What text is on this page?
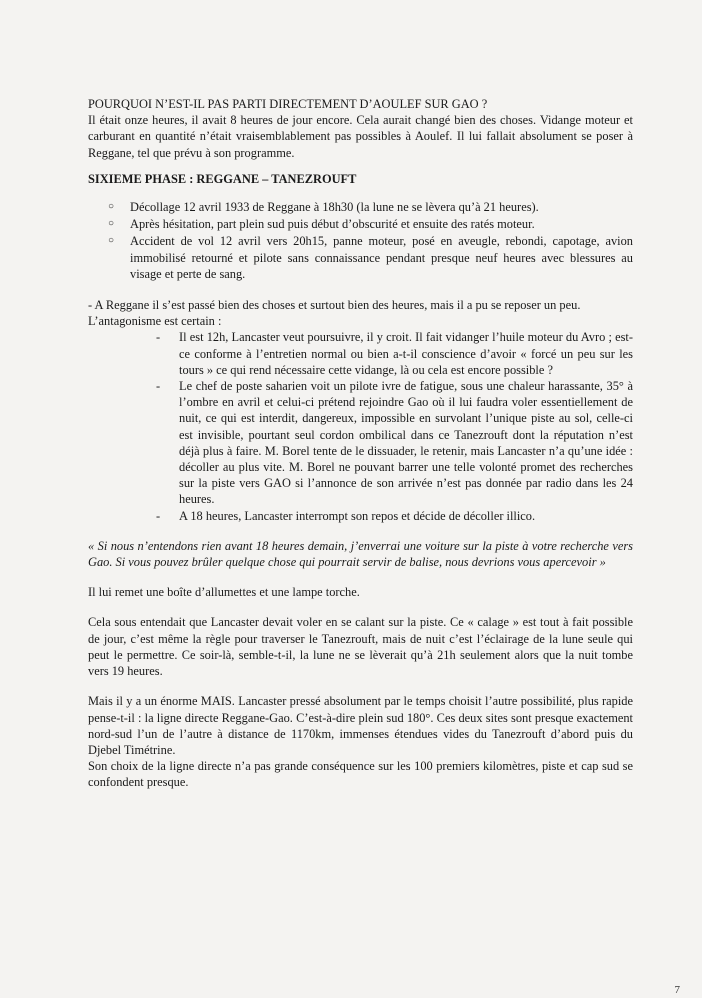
POURQUOI N’EST-IL PAS PARTI DIRECTEMENT D’AOULEF SUR GAO ?

Il était onze heures, il avait 8 heures de jour encore. Cela aurait changé bien des choses. Vidange moteur et carburant en quantité n’était vraisemblablement pas possibles à Aoulef. Il lui fallait absolument se poser à Reggane, tel que prévu à son programme.

SIXIEME PHASE : REGGANE – TANEZROUFT

○ Décollage 12 avril 1933 de Reggane à 18h30 (la lune ne se lèvera qu’à 21 heures).
○ Après hésitation, part plein sud puis début d’obscurité et ensuite des ratés moteur.
○ Accident de vol 12 avril vers 20h15, panne moteur, posé en aveugle, rebondi, capotage, avion immobilisé retourné et pilote sans connaissance pendant presque neuf heures avec blessures au visage et perte de sang.

- A Reggane il s’est passé bien des choses et surtout bien des heures, mais il a pu se reposer un peu.

L’antagonisme est certain :

- Il est 12h, Lancaster veut poursuivre, il y croit. Il fait vidanger l’huile moteur du Avro ; est-ce conforme à l’entretien normal ou bien a-t-il conscience d’avoir « forcé un peu sur les tours » ce qui rend nécessaire cette vidange, là ou cela est encore possible ?
- Le chef de poste saharien voit un pilote ivre de fatigue, sous une chaleur harassante, 35° à l’ombre en avril et celui-ci prétend rejoindre Gao où il lui faudra voler essentiellement de nuit, ce qui est interdit, dangereux, impossible en survolant l’unique piste au sol, celle-ci est invisible, pourtant seul cordon ombilical dans ce Tanezrouft dont la réputation n’est déjà plus à faire. M. Borel tente de le dissuader, le retenir, mais Lancaster n’a qu’une idée : décoller au plus vite. M. Borel ne pouvant barrer une telle volonté promet des recherches sur la piste vers GAO si l’annonce de son arrivée n’est pas donnée par radio dans les 24 heures.
- A 18 heures, Lancaster interrompt son repos et décide de décoller illico.

« Si nous n’entendons rien avant 18 heures demain, j’enverrai une voiture sur la piste à votre recherche vers Gao. Si vous pouvez brûler quelque chose qui pourrait servir de balise, nous devrions vous apercevoir »

Il lui remet une boîte d’allumettes et une lampe torche.

Cela sous entendait que Lancaster devait voler en se calant sur la piste. Ce « calage » est tout à fait possible de jour, c’est même la règle pour traverser le Tanezrouft, mais de nuit c’est l’éclairage de la lune seule qui peut le permettre. Ce soir-là, semble-t-il, la lune ne se lèverait qu’à 21h seulement alors que la nuit tombe vers 19 heures.

Mais il y a un énorme MAIS. Lancaster pressé absolument par le temps choisit l’autre possibilité, plus rapide pense-t-il : la ligne directe Reggane-Gao. C’est-à-dire plein sud 180°. Ces deux sites sont presque exactement nord-sud l’un de l’autre à distance de 1170km, immenses étendues vides du Tanezrouft d’abord puis du Djebel Timétrine.

Son choix de la ligne directe n’a pas grande conséquence sur les 100 premiers kilomètres, piste et cap sud se confondent presque.

7
